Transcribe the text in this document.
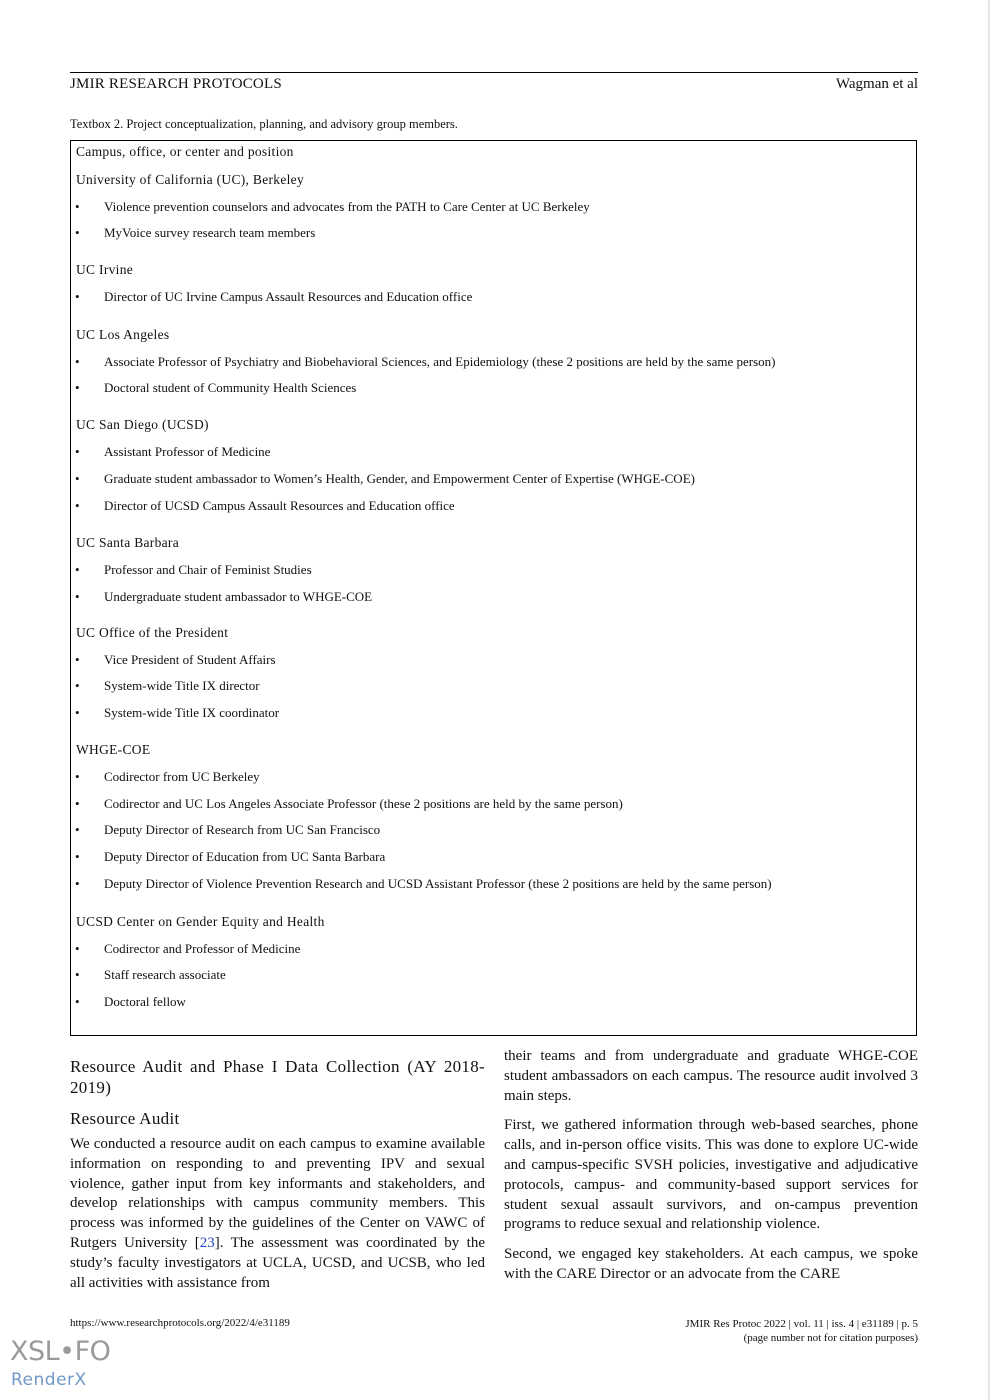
JMIR RESEARCH PROTOCOLS	Wagman et al
Textbox 2. Project conceptualization, planning, and advisory group members.
Campus, office, or center and position
University of California (UC), Berkeley
• Violence prevention counselors and advocates from the PATH to Care Center at UC Berkeley
• MyVoice survey research team members
UC Irvine
• Director of UC Irvine Campus Assault Resources and Education office
UC Los Angeles
• Associate Professor of Psychiatry and Biobehavioral Sciences, and Epidemiology (these 2 positions are held by the same person)
• Doctoral student of Community Health Sciences
UC San Diego (UCSD)
• Assistant Professor of Medicine
• Graduate student ambassador to Women’s Health, Gender, and Empowerment Center of Expertise (WHGE-COE)
• Director of UCSD Campus Assault Resources and Education office
UC Santa Barbara
• Professor and Chair of Feminist Studies
• Undergraduate student ambassador to WHGE-COE
UC Office of the President
• Vice President of Student Affairs
• System-wide Title IX director
• System-wide Title IX coordinator
WHGE-COE
• Codirector from UC Berkeley
• Codirector and UC Los Angeles Associate Professor (these 2 positions are held by the same person)
• Deputy Director of Research from UC San Francisco
• Deputy Director of Education from UC Santa Barbara
• Deputy Director of Violence Prevention Research and UCSD Assistant Professor (these 2 positions are held by the same person)
UCSD Center on Gender Equity and Health
• Codirector and Professor of Medicine
• Staff research associate
• Doctoral fellow
Resource Audit and Phase I Data Collection (AY 2018-2019)
Resource Audit

We conducted a resource audit on each campus to examine available information on responding to and preventing IPV and sexual violence, gather input from key informants and stakeholders, and develop relationships with campus community members. This process was informed by the guidelines of the Center on VAWC of Rutgers University [23]. The assessment was coordinated by the study’s faculty investigators at UCLA, UCSD, and UCSB, who led all activities with assistance from

their teams and from undergraduate and graduate WHGE-COE student ambassadors on each campus. The resource audit involved 3 main steps.

First, we gathered information through web-based searches, phone calls, and in-person office visits. This was done to explore UC-wide and campus-specific SVSH policies, investigative and adjudicative protocols, campus- and community-based support services for student sexual assault survivors, and on-campus prevention programs to reduce sexual and relationship violence.

Second, we engaged key stakeholders. At each campus, we spoke with the CARE Director or an advocate from the CARE

https://www.researchprotocols.org/2022/4/e31189	JMIR Res Protoc 2022 | vol. 11 | iss. 4 | e31189 | p. 5
(page number not for citation purposes)
XSL•FO
RenderX
